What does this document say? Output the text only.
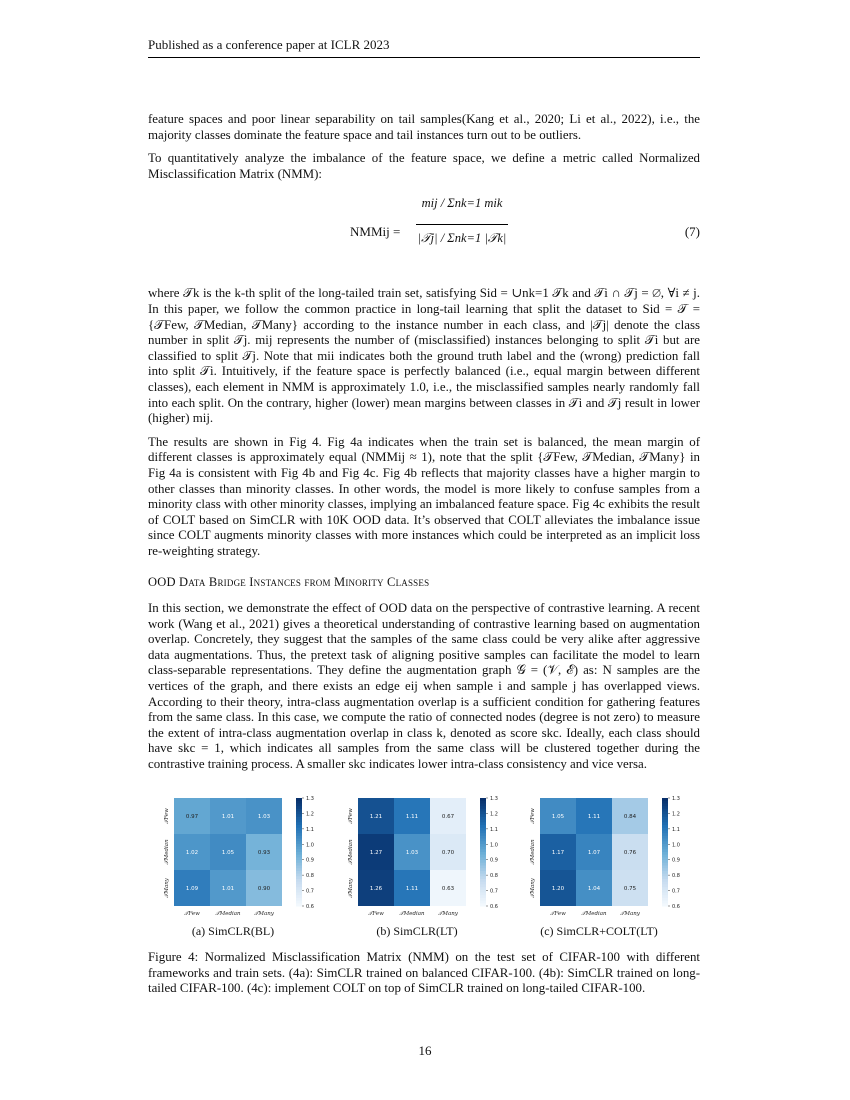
Published as a conference paper at ICLR 2023

feature spaces and poor linear separability on tail samples(Kang et al., 2020; Li et al., 2022), i.e., the majority classes dominate the feature space and tail instances turn out to be outliers.

To quantitatively analyze the imbalance of the feature space, we define a metric called Normalized Misclassification Matrix (NMM):

NMMij =
mij / Σnk=1 mik
|𝒯j| / Σnk=1 |𝒯k|	(7)

where 𝒯k is the k-th split of the long-tailed train set, satisfying Sid = ∪nk=1 𝒯k and 𝒯i ∩ 𝒯j = ∅, ∀i ≠ j. In this paper, we follow the common practice in long-tail learning that split the dataset to Sid = 𝒯 = {𝒯Few, 𝒯Median, 𝒯Many} according to the instance number in each class, and |𝒯j| denote the class number in split 𝒯j. mij represents the number of (misclassified) instances belonging to split 𝒯i but are classified to split 𝒯j. Note that mii indicates both the ground truth label and the (wrong) prediction fall into split 𝒯i. Intuitively, if the feature space is perfectly balanced (i.e., equal margin between different classes), each element in NMM is approximately 1.0, i.e., the misclassified samples nearly randomly fall into each split. On the contrary, higher (lower) mean margins between classes in 𝒯i and 𝒯j result in lower (higher) mij.

The results are shown in Fig 4. Fig 4a indicates when the train set is balanced, the mean margin of different classes is approximately equal (NMMij ≈ 1), note that the split {𝒯Few, 𝒯Median, 𝒯Many} in Fig 4a is consistent with Fig 4b and Fig 4c. Fig 4b reflects that majority classes have a higher margin to other classes than minority classes. In other words, the model is more likely to confuse samples from a minority class with other minority classes, implying an imbalanced feature space. Fig 4c exhibits the result of COLT based on SimCLR with 10K OOD data. It’s observed that COLT alleviates the imbalance issue since COLT augments minority classes with more instances which could be interpreted as an implicit loss re-weighting strategy.

OOD Data Bridge Instances from Minority Classes

In this section, we demonstrate the effect of OOD data on the perspective of contrastive learning. A recent work (Wang et al., 2021) gives a theoretical understanding of contrastive learning based on augmentation overlap. Concretely, they suggest that the samples of the same class could be very alike after aggressive data augmentations. Thus, the pretext task of aligning positive samples can facilitate the model to learn class-separable representations. They define the augmentation graph 𝒢 = (𝒱, ℰ) as: N samples are the vertices of the graph, and there exists an edge eij when sample i and sample j has overlapped views. According to their theory, intra-class augmentation overlap is a sufficient condition for gathering features from the same class. In this case, we compute the ratio of connected nodes (degree is not zero) to measure the extent of intra-class augmentation overlap in class k, denoted as score skc. Ideally, each class should have skc = 1, which indicates all samples from the same class will be clustered together during the contrastive training process. A smaller skc indicates lower intra-class consistency and vice versa.

0.97	1.01	1.03
1.02	1.05	0.93
1.09	1.01	0.90
𝒯Few
𝒯Median
𝒯Many
𝒯Few	𝒯Median 𝒯Many
1.3
1.2
1.1
1.0
0.9
0.8
0.7
0.6
(a) SimCLR(BL)
1.21	1.11	0.67
1.27	1.03	0.70
1.26	1.11	0.63
𝒯Few
𝒯Median
𝒯Many
𝒯Few	𝒯Median 𝒯Many
1.3
1.2
1.1
1.0
0.9
0.8
0.7
0.6
(b) SimCLR(LT)
1.05	1.11	0.84
1.17	1.07	0.76
1.20	1.04	0.75
𝒯Few
𝒯Median
𝒯Many
𝒯Few	𝒯Median 𝒯Many
1.3
1.2
1.1
1.0
0.9
0.8
0.7
0.6
(c) SimCLR+COLT(LT)
Figure 4: Normalized Misclassification Matrix (NMM) on the test set of CIFAR-100 with different frameworks and train sets. (4a): SimCLR trained on balanced CIFAR-100. (4b): SimCLR trained on long-tailed CIFAR-100. (4c): implement COLT on top of SimCLR trained on long-tailed CIFAR-100.
16
